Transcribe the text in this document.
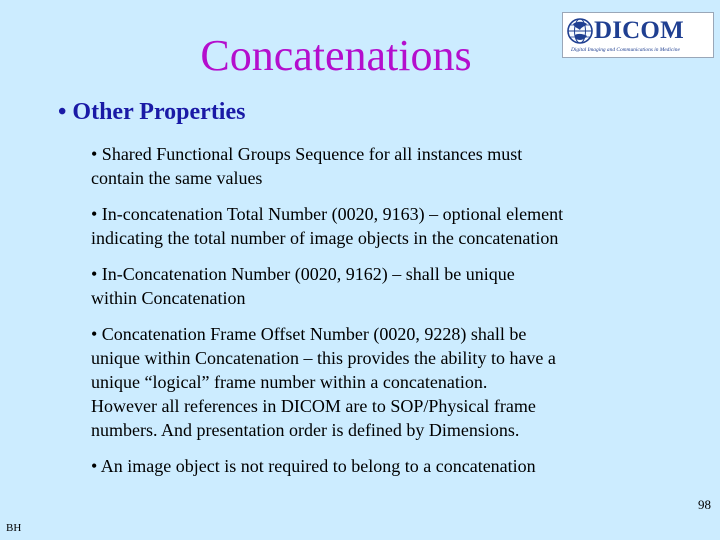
Concatenations
DICOM
Digital Imaging and Communications in Medicine
• Other Properties
• Shared Functional Groups Sequence for all instances must
contain the same values
• In-concatenation Total Number (0020, 9163) – optional element
indicating the total number of image objects in the concatenation
• In-Concatenation Number (0020, 9162) – shall be unique
within Concatenation
• Concatenation Frame Offset Number (0020, 9228) shall be
unique within Concatenation – this provides the ability to have a
unique “logical” frame number within a concatenation.
However all references in DICOM are to SOP/Physical frame
numbers. And presentation order is defined by Dimensions.
• An image object is not required to belong to a concatenation
98
BH
